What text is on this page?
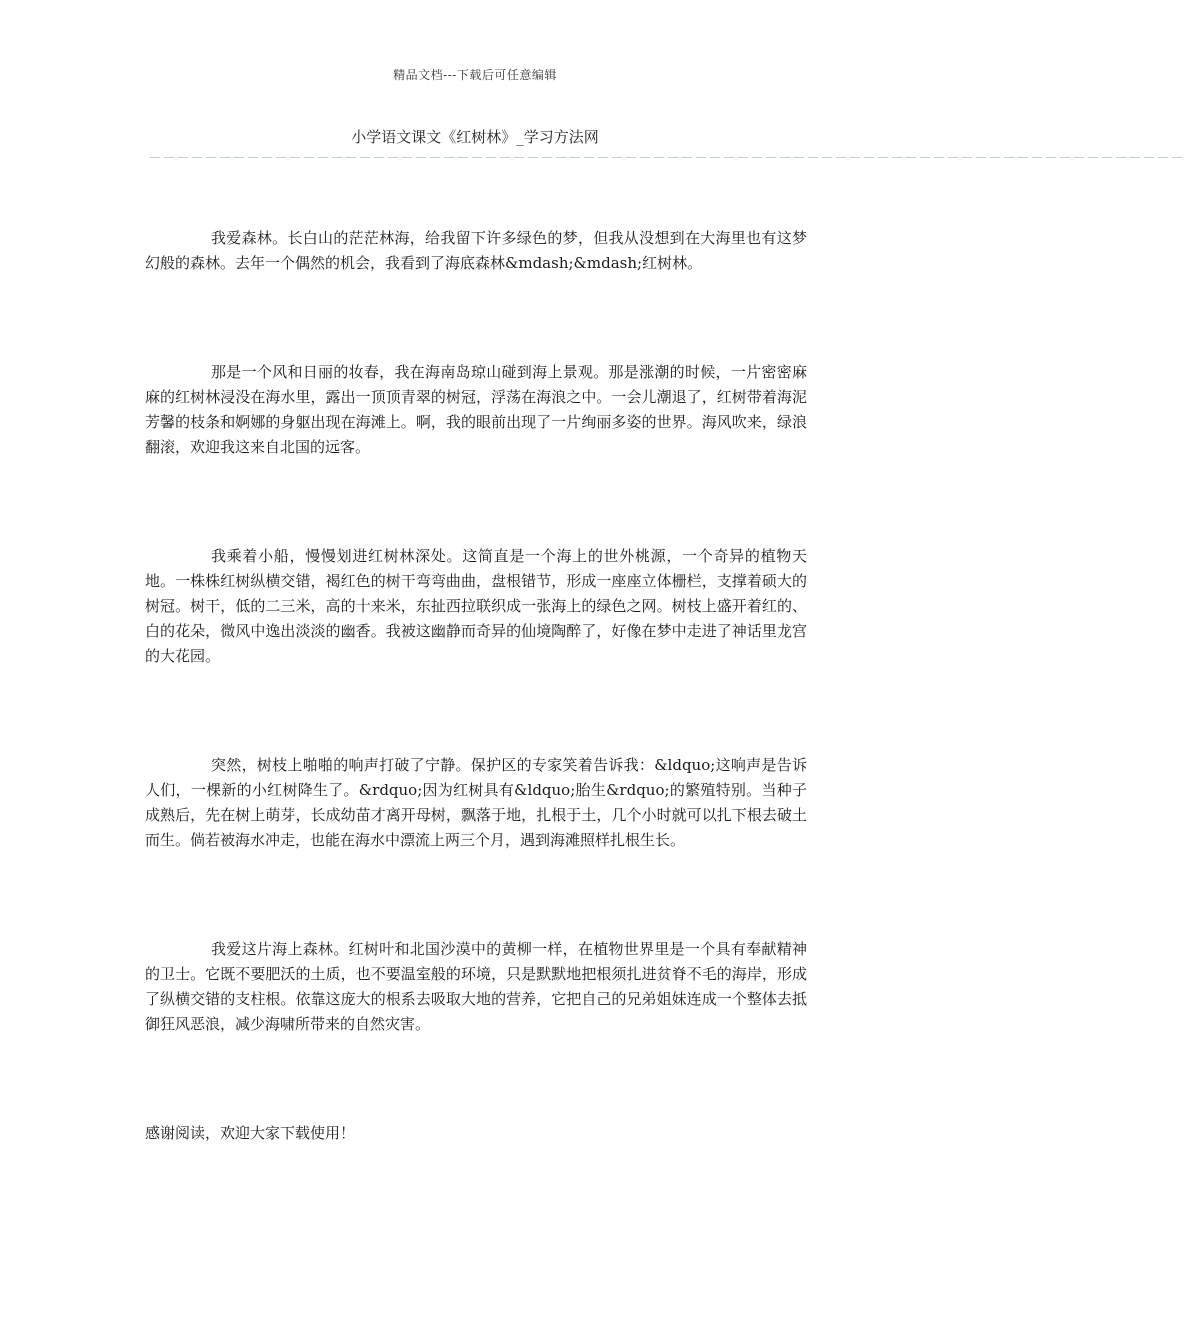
精品文档---下载后可任意编辑
小学语文课文《红树林》_学习方法网
－－－－－－－－－－－－－－－－－－－－－－－－－－－－－－－－－－－－－－－－－－－－－－－－－－－－－－－－－－－－－－－－－－－－－－－－－－

我爱森林。长白山的茫茫林海，给我留下许多绿色的梦，但我从没想到在大海里也有这梦幻般的森林。去年一个偶然的机会，我看到了海底森林&mdash;&mdash;红树林。

那是一个风和日丽的妆春，我在海南岛琼山碰到海上景观。那是涨潮的时候，一片密密麻麻的红树林浸没在海水里，露出一顶顶青翠的树冠，浮荡在海浪之中。一会儿潮退了，红树带着海泥芳馨的枝条和婀娜的身躯出现在海滩上。啊，我的眼前出现了一片绚丽多姿的世界。海风吹来，绿浪翻滚，欢迎我这来自北国的远客。

我乘着小船，慢慢划进红树林深处。这简直是一个海上的世外桃源，一个奇异的植物天地。一株株红树纵横交错，褐红色的树干弯弯曲曲，盘根错节，形成一座座立体栅栏，支撑着硕大的树冠。树干，低的二三米，高的十来米，东扯西拉联织成一张海上的绿色之网。树枝上盛开着红的、白的花朵，微风中逸出淡淡的幽香。我被这幽静而奇异的仙境陶醉了，好像在梦中走进了神话里龙宫的大花园。

突然，树枝上啪啪的响声打破了宁静。保护区的专家笑着告诉我：&ldquo;这响声是告诉人们，一棵新的小红树降生了。&rdquo;因为红树具有&ldquo;胎生&rdquo;的繁殖特别。当种子成熟后，先在树上萌芽，长成幼苗才离开母树，飘落于地，扎根于土，几个小时就可以扎下根去破土而生。倘若被海水冲走，也能在海水中漂流上两三个月，遇到海滩照样扎根生长。

我爱这片海上森林。红树叶和北国沙漠中的黄柳一样，在植物世界里是一个具有奉献精神的卫士。它既不要肥沃的土质，也不要温室般的环境，只是默默地把根须扎进贫脊不毛的海岸，形成了纵横交错的支柱根。依靠这庞大的根系去吸取大地的营养，它把自己的兄弟姐妹连成一个整体去抵御狂风恶浪，减少海啸所带来的自然灾害。

感谢阅读，欢迎大家下载使用！
